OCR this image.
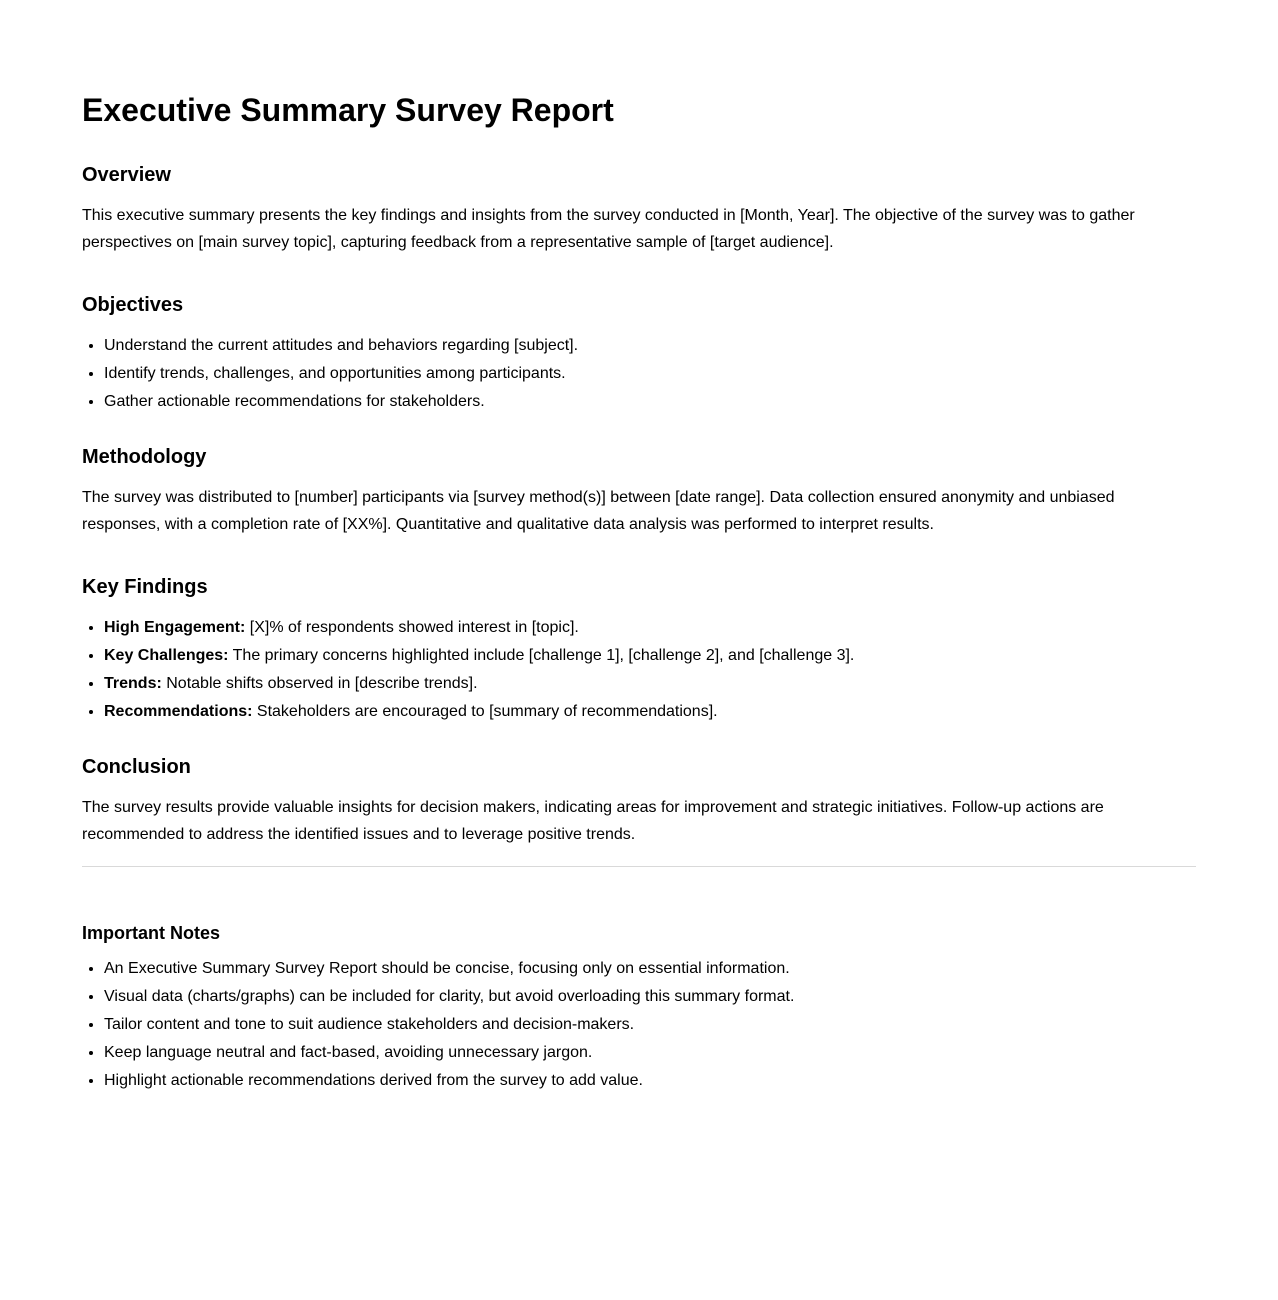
Executive Summary Survey Report
Overview

This executive summary presents the key findings and insights from the survey conducted in [Month, Year]. The objective of the survey was to gather perspectives on [main survey topic], capturing feedback from a representative sample of [target audience].

Objectives
• Understand the current attitudes and behaviors regarding [subject].
• Identify trends, challenges, and opportunities among participants.
• Gather actionable recommendations for stakeholders.
Methodology

The survey was distributed to [number] participants via [survey method(s)] between [date range]. Data collection ensured anonymity and unbiased responses, with a completion rate of [XX%]. Quantitative and qualitative data analysis was performed to interpret results.

Key Findings
• High Engagement: [X]% of respondents showed interest in [topic].
• Key Challenges: The primary concerns highlighted include [challenge 1], [challenge 2], and [challenge 3].
• Trends: Notable shifts observed in [describe trends].
• Recommendations: Stakeholders are encouraged to [summary of recommendations].
Conclusion

The survey results provide valuable insights for decision makers, indicating areas for improvement and strategic initiatives. Follow-up actions are recommended to address the identified issues and to leverage positive trends.

Important Notes
• An Executive Summary Survey Report should be concise, focusing only on essential information.
• Visual data (charts/graphs) can be included for clarity, but avoid overloading this summary format.
• Tailor content and tone to suit audience stakeholders and decision-makers.
• Keep language neutral and fact-based, avoiding unnecessary jargon.
• Highlight actionable recommendations derived from the survey to add value.
